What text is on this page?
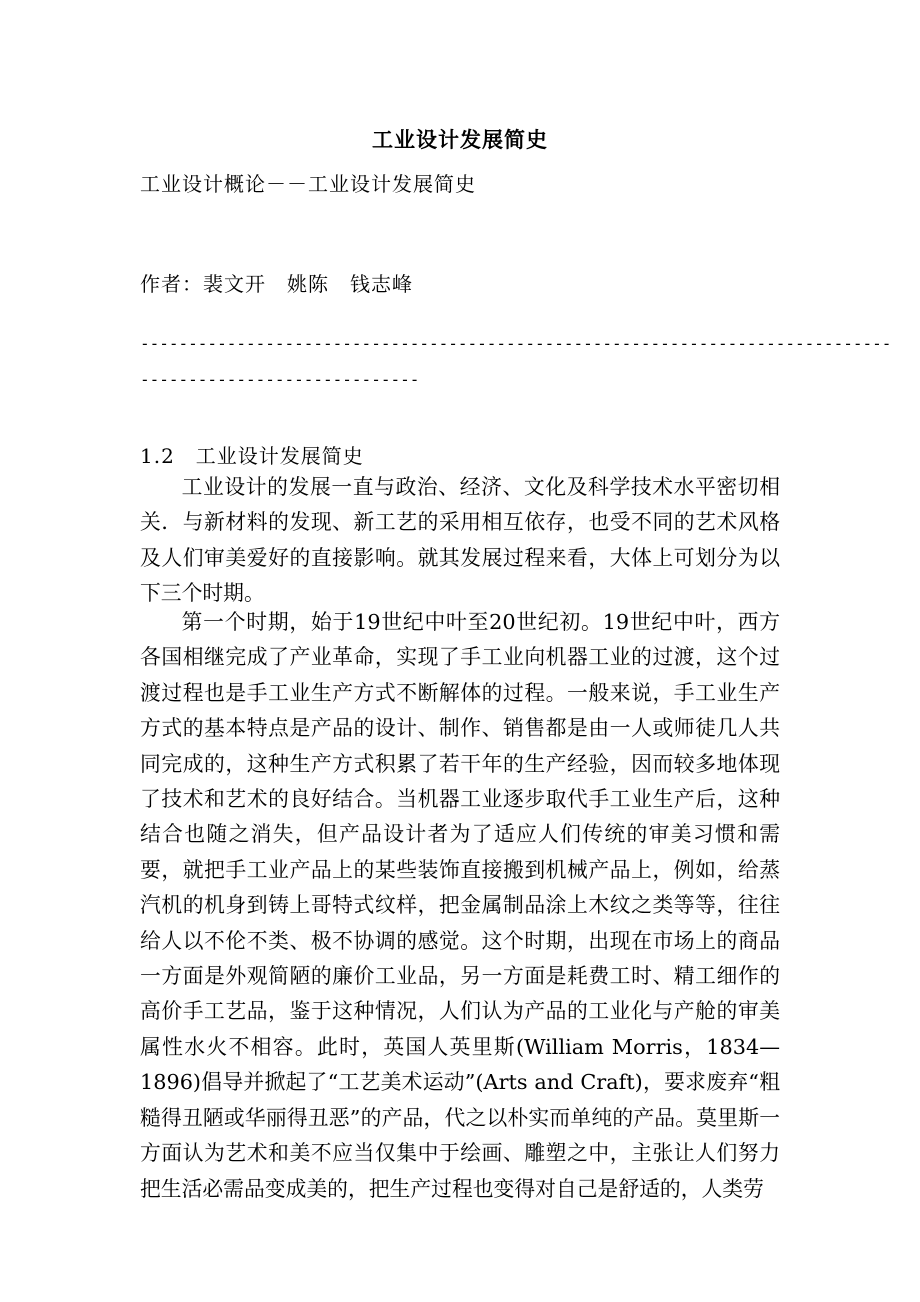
工业设计发展简史
工业设计概论－－工业设计发展简史
作者：裴文开　姚陈　钱志峰
------------------------------------------------------------------------------
-----------------------------
1.2　工业设计发展简史

工业设计的发展一直与政治、经济、文化及科学技术水平密切相关．与新材料的发现、新工艺的采用相互依存，也受不同的艺术风格及人们审美爱好的直接影响。就其发展过程来看，大体上可划分为以下三个时期。

第一个时期，始于19世纪中叶至20世纪初。19世纪中叶，西方各国相继完成了产业革命，实现了手工业向机器工业的过渡，这个过渡过程也是手工业生产方式不断解体的过程。一般来说，手工业生产方式的基本特点是产品的设计、制作、销售都是由一人或师徒几人共同完成的，这种生产方式积累了若干年的生产经验，因而较多地体现了技术和艺术的良好结合。当机器工业逐步取代手工业生产后，这种结合也随之消失，但产品设计者为了适应人们传统的审美习惯和需要，就把手工业产品上的某些装饰直接搬到机械产品上，例如，给蒸汽机的机身到铸上哥特式纹样，把金属制品涂上木纹之类等等，往往给人以不伦不类、极不协调的感觉。这个时期，出现在市场上的商品一方面是外观简陋的廉价工业品，另一方面是耗费工时、精工细作的高价手工艺品，鉴于这种情况，人们认为产品的工业化与产舱的审美属性水火不相容。此时，英国人英里斯(William Morris，1834—1896)倡导并掀起了“工艺美术运动”(Arts and Craft)，要求废弃“粗糙得丑陋或华丽得丑恶”的产品，代之以朴实而单纯的产品。莫里斯一方面认为艺术和美不应当仅集中于绘画、雕塑之中，主张让人们努力把生活必需品变成美的，把生产过程也变得对自己是舒适的，人类劳
